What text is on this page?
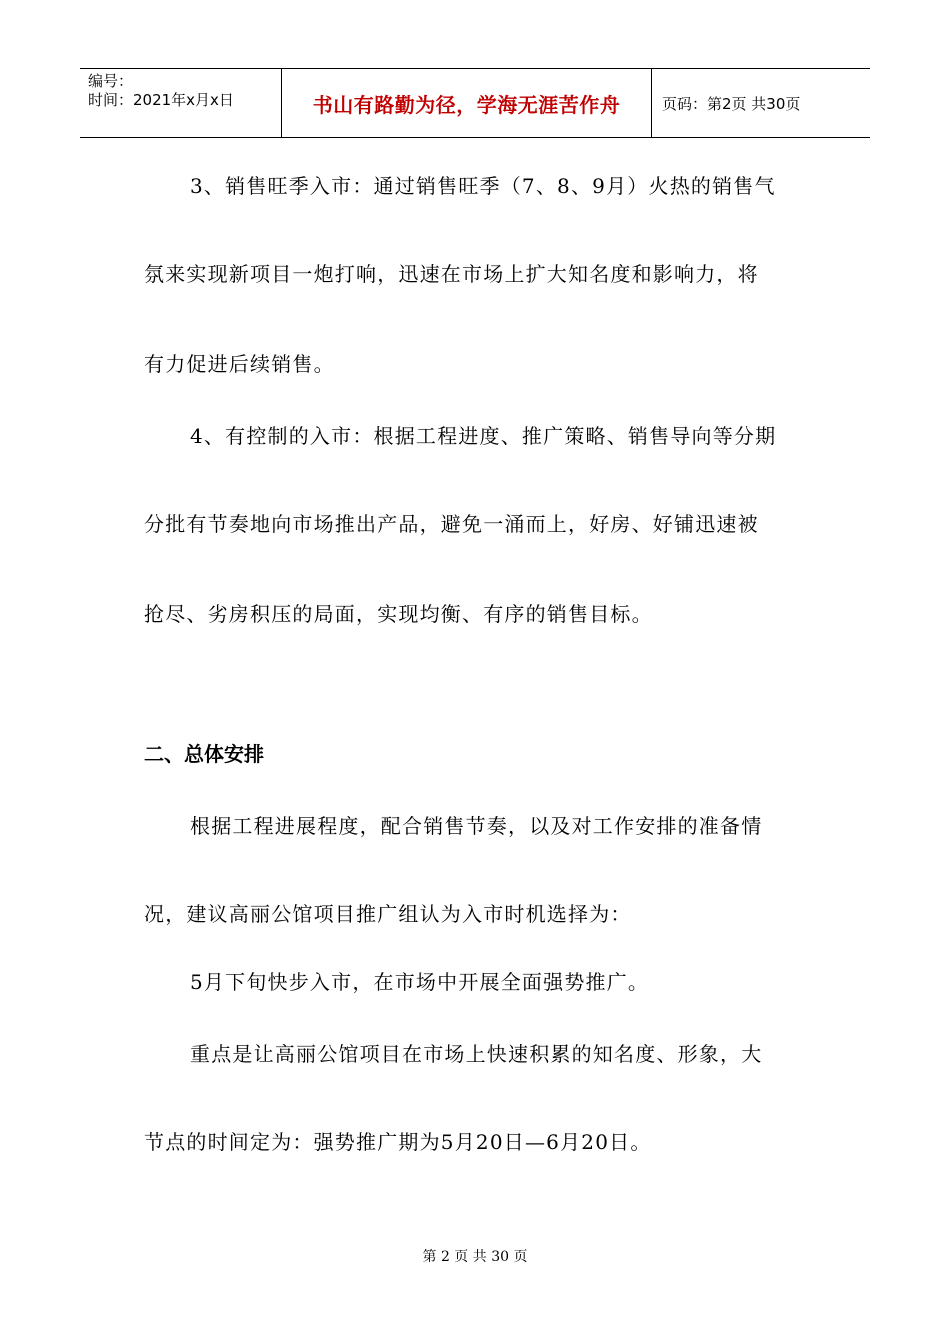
编号：
时间：2021年x月x日	书山有路勤为径，学海无涯苦作舟	页码：第2页 共30页
3、销售旺季入市：通过销售旺季（7、8、9月）火热的销售气
氛来实现新项目一炮打响，迅速在市场上扩大知名度和影响力，将
有力促进后续销售。
4、有控制的入市：根据工程进度、推广策略、销售导向等分期
分批有节奏地向市场推出产品，避免一涌而上，好房、好铺迅速被
抢尽、劣房积压的局面，实现均衡、有序的销售目标。
二、总体安排
根据工程进展程度，配合销售节奏，以及对工作安排的准备情
况，建议高丽公馆项目推广组认为入市时机选择为：
5月下旬快步入市，在市场中开展全面强势推广。
重点是让高丽公馆项目在市场上快速积累的知名度、形象，大
节点的时间定为：强势推广期为5月20日—6月20日。
第 2 页 共 30 页
